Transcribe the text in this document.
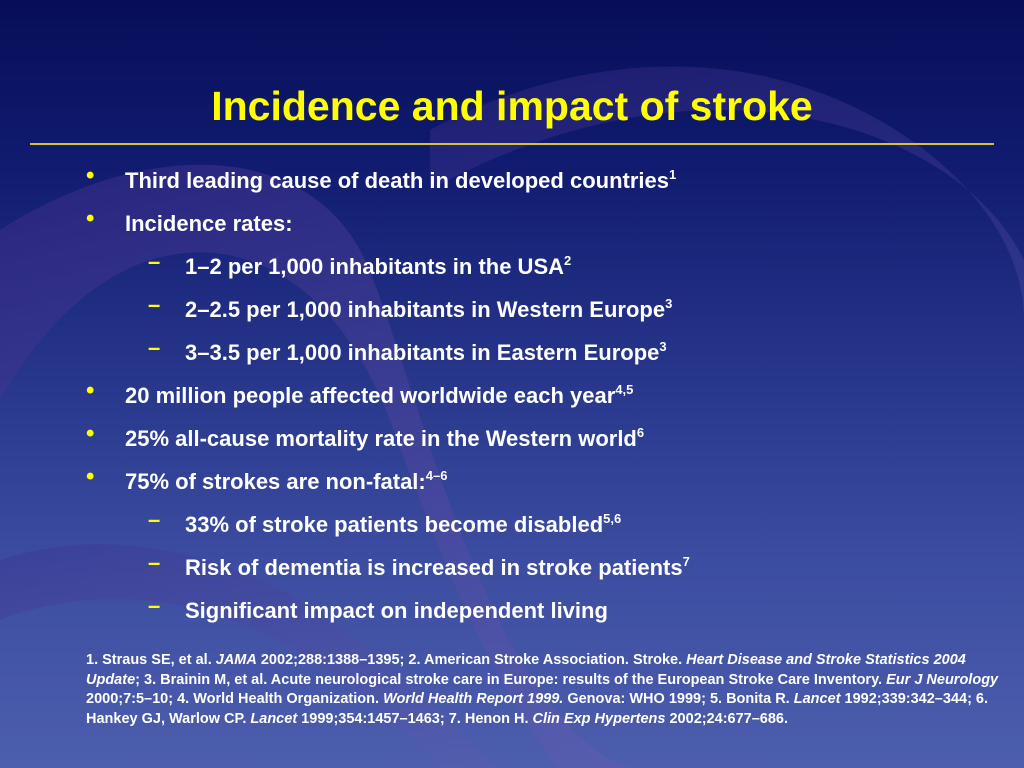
Incidence and impact of stroke
• Third leading cause of death in developed countries$^1$
• Incidence rates:
– 1–2 per 1,000 inhabitants in the USA$^2$
– 2–2.5 per 1,000 inhabitants in Western Europe$^3$
– 3–3.5 per 1,000 inhabitants in Eastern Europe$^3$
• 20 million people affected worldwide each year$^{4,5}$
• 25% all-cause mortality rate in the Western world$^6$
• 75% of strokes are non-fatal:$^{4-6}$
– 33% of stroke patients become disabled$^{5,6}$
– Risk of dementia is increased in stroke patients$^7$
– Significant impact on independent living
1. Straus SE, et al. JAMA 2002;288:1388–1395; 2. American Stroke Association. Stroke. Heart Disease and Stroke Statistics 2004 Update; 3. Brainin M, et al. Acute neurological stroke care in Europe: results of the European Stroke Care Inventory. Eur J Neurology 2000;7:5–10; 4. World Health Organization. World Health Report 1999. Genova: WHO 1999; 5. Bonita R. Lancet 1992;339:342–344; 6. Hankey GJ, Warlow CP. Lancet 1999;354:1457–1463; 7. Henon H. Clin Exp Hypertens 2002;24:677–686.
